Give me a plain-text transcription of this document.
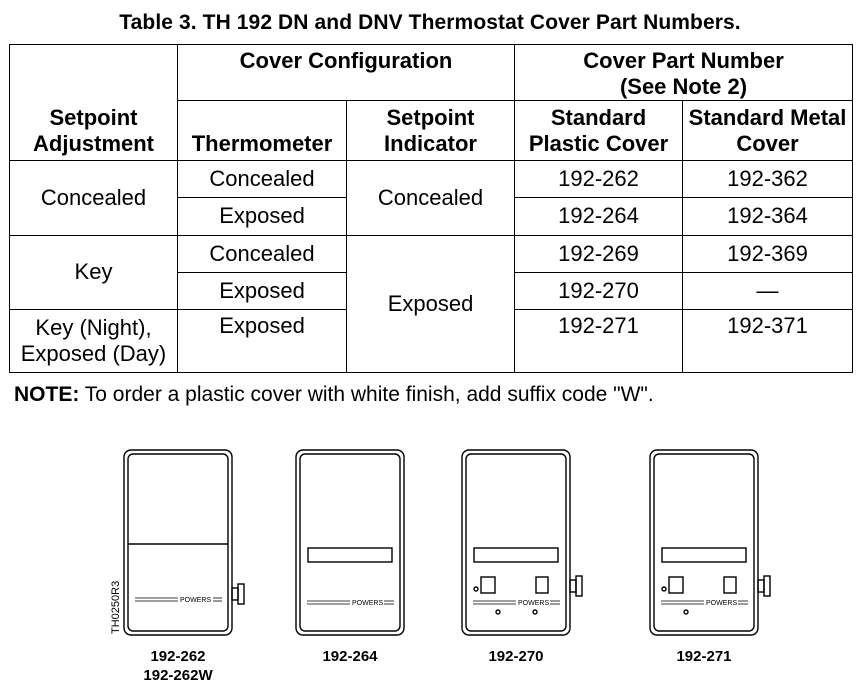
Table 3. TH 192 DN and DNV Thermostat Cover Part Numbers.
Setpoint Adjustment	Cover Configuration		Cover Part Number
(See Note 2)	

	Thermometer	Setpoint Indicator	Standard Plastic Cover	Standard Metal Cover
Concealed	Concealed	Concealed	192-262	192-362
	Exposed		192-264	192-364
Key	Concealed	Exposed	192-269	192-369
	Exposed		192-270	—

Key (Night),
Exposed (Day)	Exposed		192-271	192-371
NOTE: To order a plastic cover with white finish, add suffix code "W".
POWERS	POWERS	POWERS	POWERS
TH0250R3
192-262
192-262W
192-264	192-270	192-271
